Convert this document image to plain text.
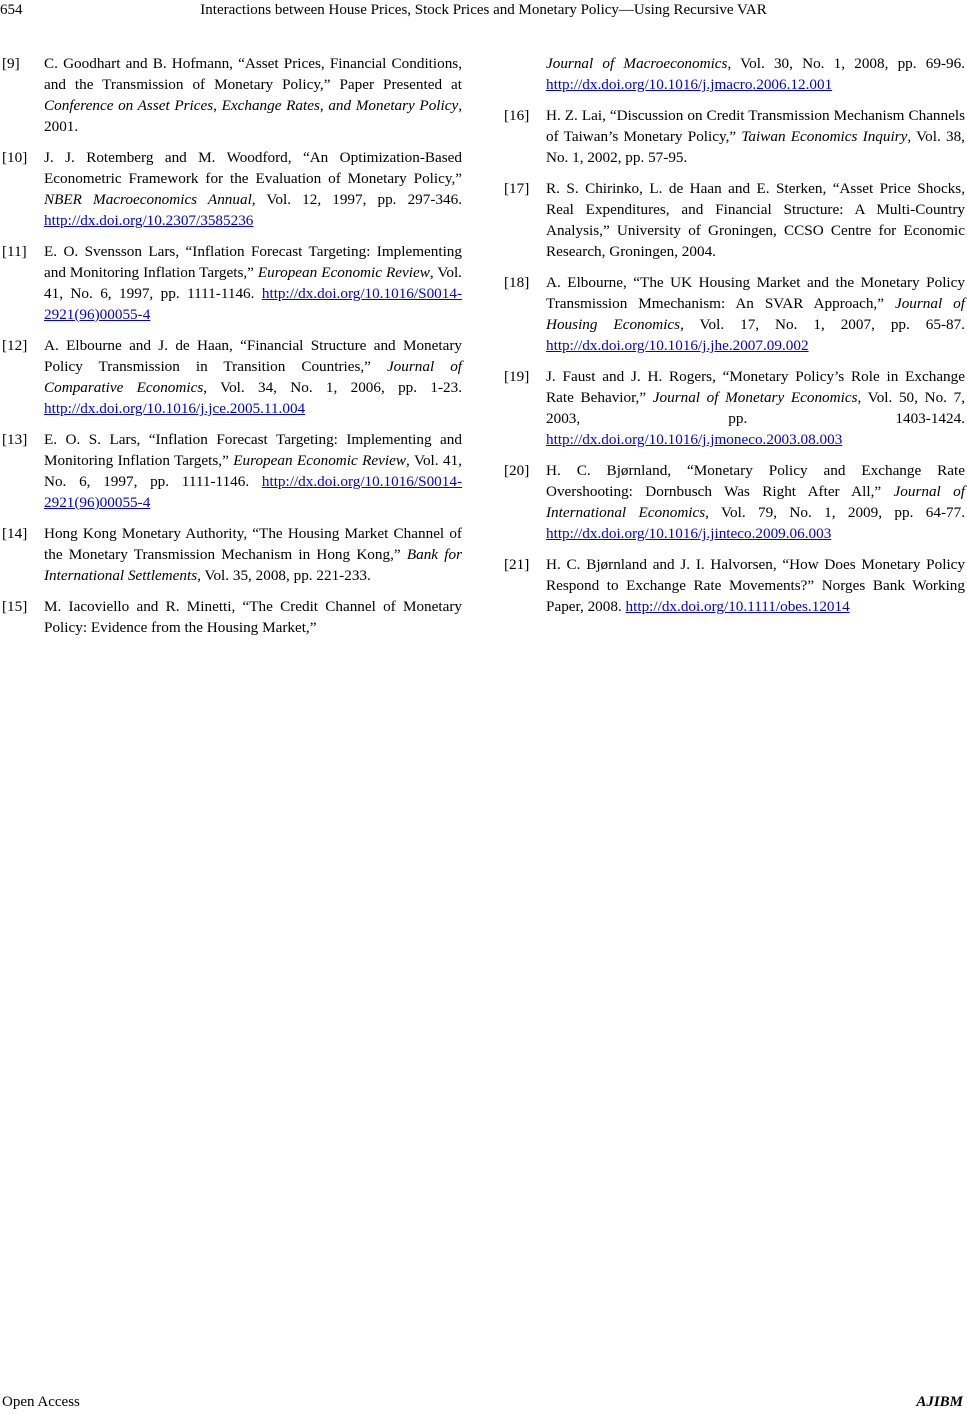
654	Interactions between House Prices, Stock Prices and Monetary Policy—Using Recursive VAR
[9]	C. Goodhart and B. Hofmann, “Asset Prices, Financial Conditions, and the Transmission of Monetary Policy,” Paper Presented at Conference on Asset Prices, Exchange Rates, and Monetary Policy, 2001.
[10]	J. J. Rotemberg and M. Woodford, “An Optimization-Based Econometric Framework for the Evaluation of Monetary Policy,” NBER Macroeconomics Annual, Vol. 12, 1997, pp. 297-346. http://dx.doi.org/10.2307/3585236
[11]	E. O. Svensson Lars, “Inflation Forecast Targeting: Implementing and Monitoring Inflation Targets,” European Economic Review, Vol. 41, No. 6, 1997, pp. 1111-1146. http://dx.doi.org/10.1016/S0014-2921(96)00055-4
[12]	A. Elbourne and J. de Haan, “Financial Structure and Monetary Policy Transmission in Transition Countries,” Journal of Comparative Economics, Vol. 34, No. 1, 2006, pp. 1-23. http://dx.doi.org/10.1016/j.jce.2005.11.004
[13]	E. O. S. Lars, “Inflation Forecast Targeting: Implementing and Monitoring Inflation Targets,” European Economic Review, Vol. 41, No. 6, 1997, pp. 1111-1146. http://dx.doi.org/10.1016/S0014-2921(96)00055-4
[14]	Hong Kong Monetary Authority, “The Housing Market Channel of the Monetary Transmission Mechanism in Hong Kong,” Bank for International Settlements, Vol. 35, 2008, pp. 221-233.
[15]	M. Iacoviello and R. Minetti, “The Credit Channel of Monetary Policy: Evidence from the Housing Market,”
Journal of Macroeconomics, Vol. 30, No. 1, 2008, pp. 69-96. http://dx.doi.org/10.1016/j.jmacro.2006.12.001
[16]	H. Z. Lai, “Discussion on Credit Transmission Mechanism Channels of Taiwan’s Monetary Policy,” Taiwan Economics Inquiry, Vol. 38, No. 1, 2002, pp. 57-95.
[17]	R. S. Chirinko, L. de Haan and E. Sterken, “Asset Price Shocks, Real Expenditures, and Financial Structure: A Multi-Country Analysis,” University of Groningen, CCSO Centre for Economic Research, Groningen, 2004.
[18]	A. Elbourne, “The UK Housing Market and the Monetary Policy Transmission Mmechanism: An SVAR Approach,” Journal of Housing Economics, Vol. 17, No. 1, 2007, pp. 65-87. http://dx.doi.org/10.1016/j.jhe.2007.09.002
[19]	J. Faust and J. H. Rogers, “Monetary Policy’s Role in Exchange Rate Behavior,” Journal of Monetary Economics, Vol. 50, No. 7, 2003, pp. 1403-1424. http://dx.doi.org/10.1016/j.jmoneco.2003.08.003
[20]	H. C. Bjørnland, “Monetary Policy and Exchange Rate Overshooting: Dornbusch Was Right After All,” Journal of International Economics, Vol. 79, No. 1, 2009, pp. 64-77. http://dx.doi.org/10.1016/j.jinteco.2009.06.003
[21]	H. C. Bjørnland and J. I. Halvorsen, “How Does Monetary Policy Respond to Exchange Rate Movements?” Norges Bank Working Paper, 2008. http://dx.doi.org/10.1111/obes.12014
Open Access	AJIBM
